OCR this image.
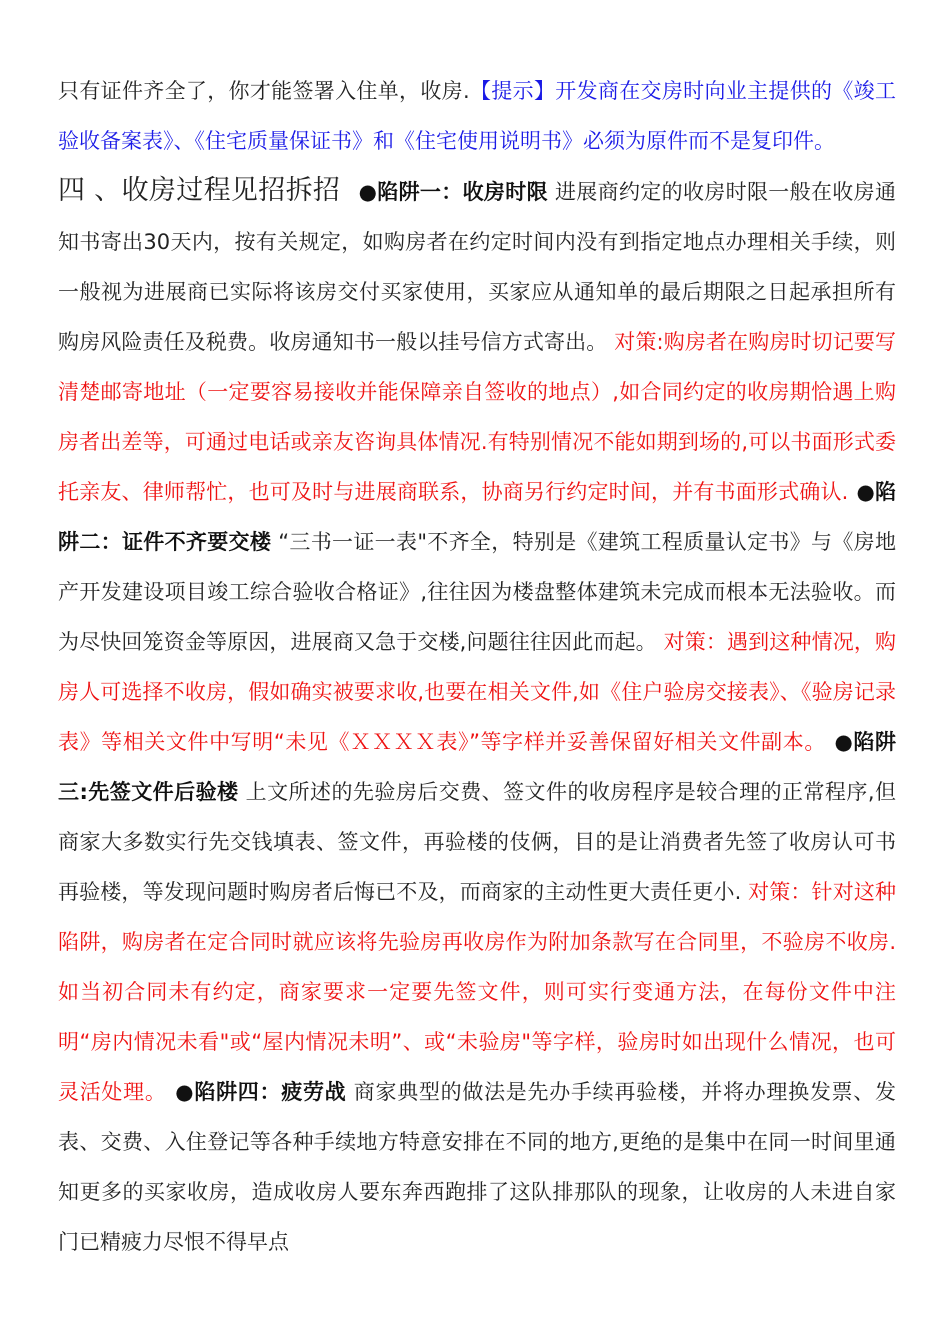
只有证件齐全了，你才能签署入住单，收房.【提示】开发商在交房时向业主提供的《竣工验收备案表》、《住宅质量保证书》和《住宅使用说明书》必须为原件而不是复印件。
四 、收房过程见招拆招 ●陷阱一：收房时限 进展商约定的收房时限一般在收房通知书寄出30天内，按有关规定，如购房者在约定时间内没有到指定地点办理相关手续，则一般视为进展商已实际将该房交付买家使用，买家应从通知单的最后期限之日起承担所有购房风险责任及税费。收房通知书一般以挂号信方式寄出。 对策:购房者在购房时切记要写清楚邮寄地址（一定要容易接收并能保障亲自签收的地点）,如合同约定的收房期恰遇上购房者出差等，可通过电话或亲友咨询具体情况.有特别情况不能如期到场的,可以书面形式委托亲友、律师帮忙，也可及时与进展商联系，协商另行约定时间，并有书面形式确认. ●陷阱二：证件不齐要交楼 “三书一证一表"不齐全，特别是《建筑工程质量认定书》与《房地产开发建设项目竣工综合验收合格证》,往往因为楼盘整体建筑未完成而根本无法验收。而为尽快回笼资金等原因，进展商又急于交楼,问题往往因此而起。 对策：遇到这种情况，购房人可选择不收房，假如确实被要求收,也要在相关文件,如《住户验房交接表》、《验房记录表》等相关文件中写明“未见《ＸＸＸＸ表》”等字样并妥善保留好相关文件副本。 ●陷阱三:先签文件后验楼 上文所述的先验房后交费、签文件的收房程序是较合理的正常程序,但商家大多数实行先交钱填表、签文件，再验楼的伎俩，目的是让消费者先签了收房认可书再验楼，等发现问题时购房者后悔已不及，而商家的主动性更大责任更小. 对策：针对这种陷阱，购房者在定合同时就应该将先验房再收房作为附加条款写在合同里，不验房不收房.如当初合同未有约定，商家要求一定要先签文件，则可实行变通方法，在每份文件中注明“房内情况未看"或“屋内情况未明”、或“未验房"等字样，验房时如出现什么情况，也可灵活处理。 ●陷阱四：疲劳战 商家典型的做法是先办手续再验楼，并将办理换发票、发表、交费、入住登记等各种手续地方特意安排在不同的地方,更绝的是集中在同一时间里通知更多的买家收房，造成收房人要东奔西跑排了这队排那队的现象，让收房的人未进自家门已精疲力尽恨不得早点
